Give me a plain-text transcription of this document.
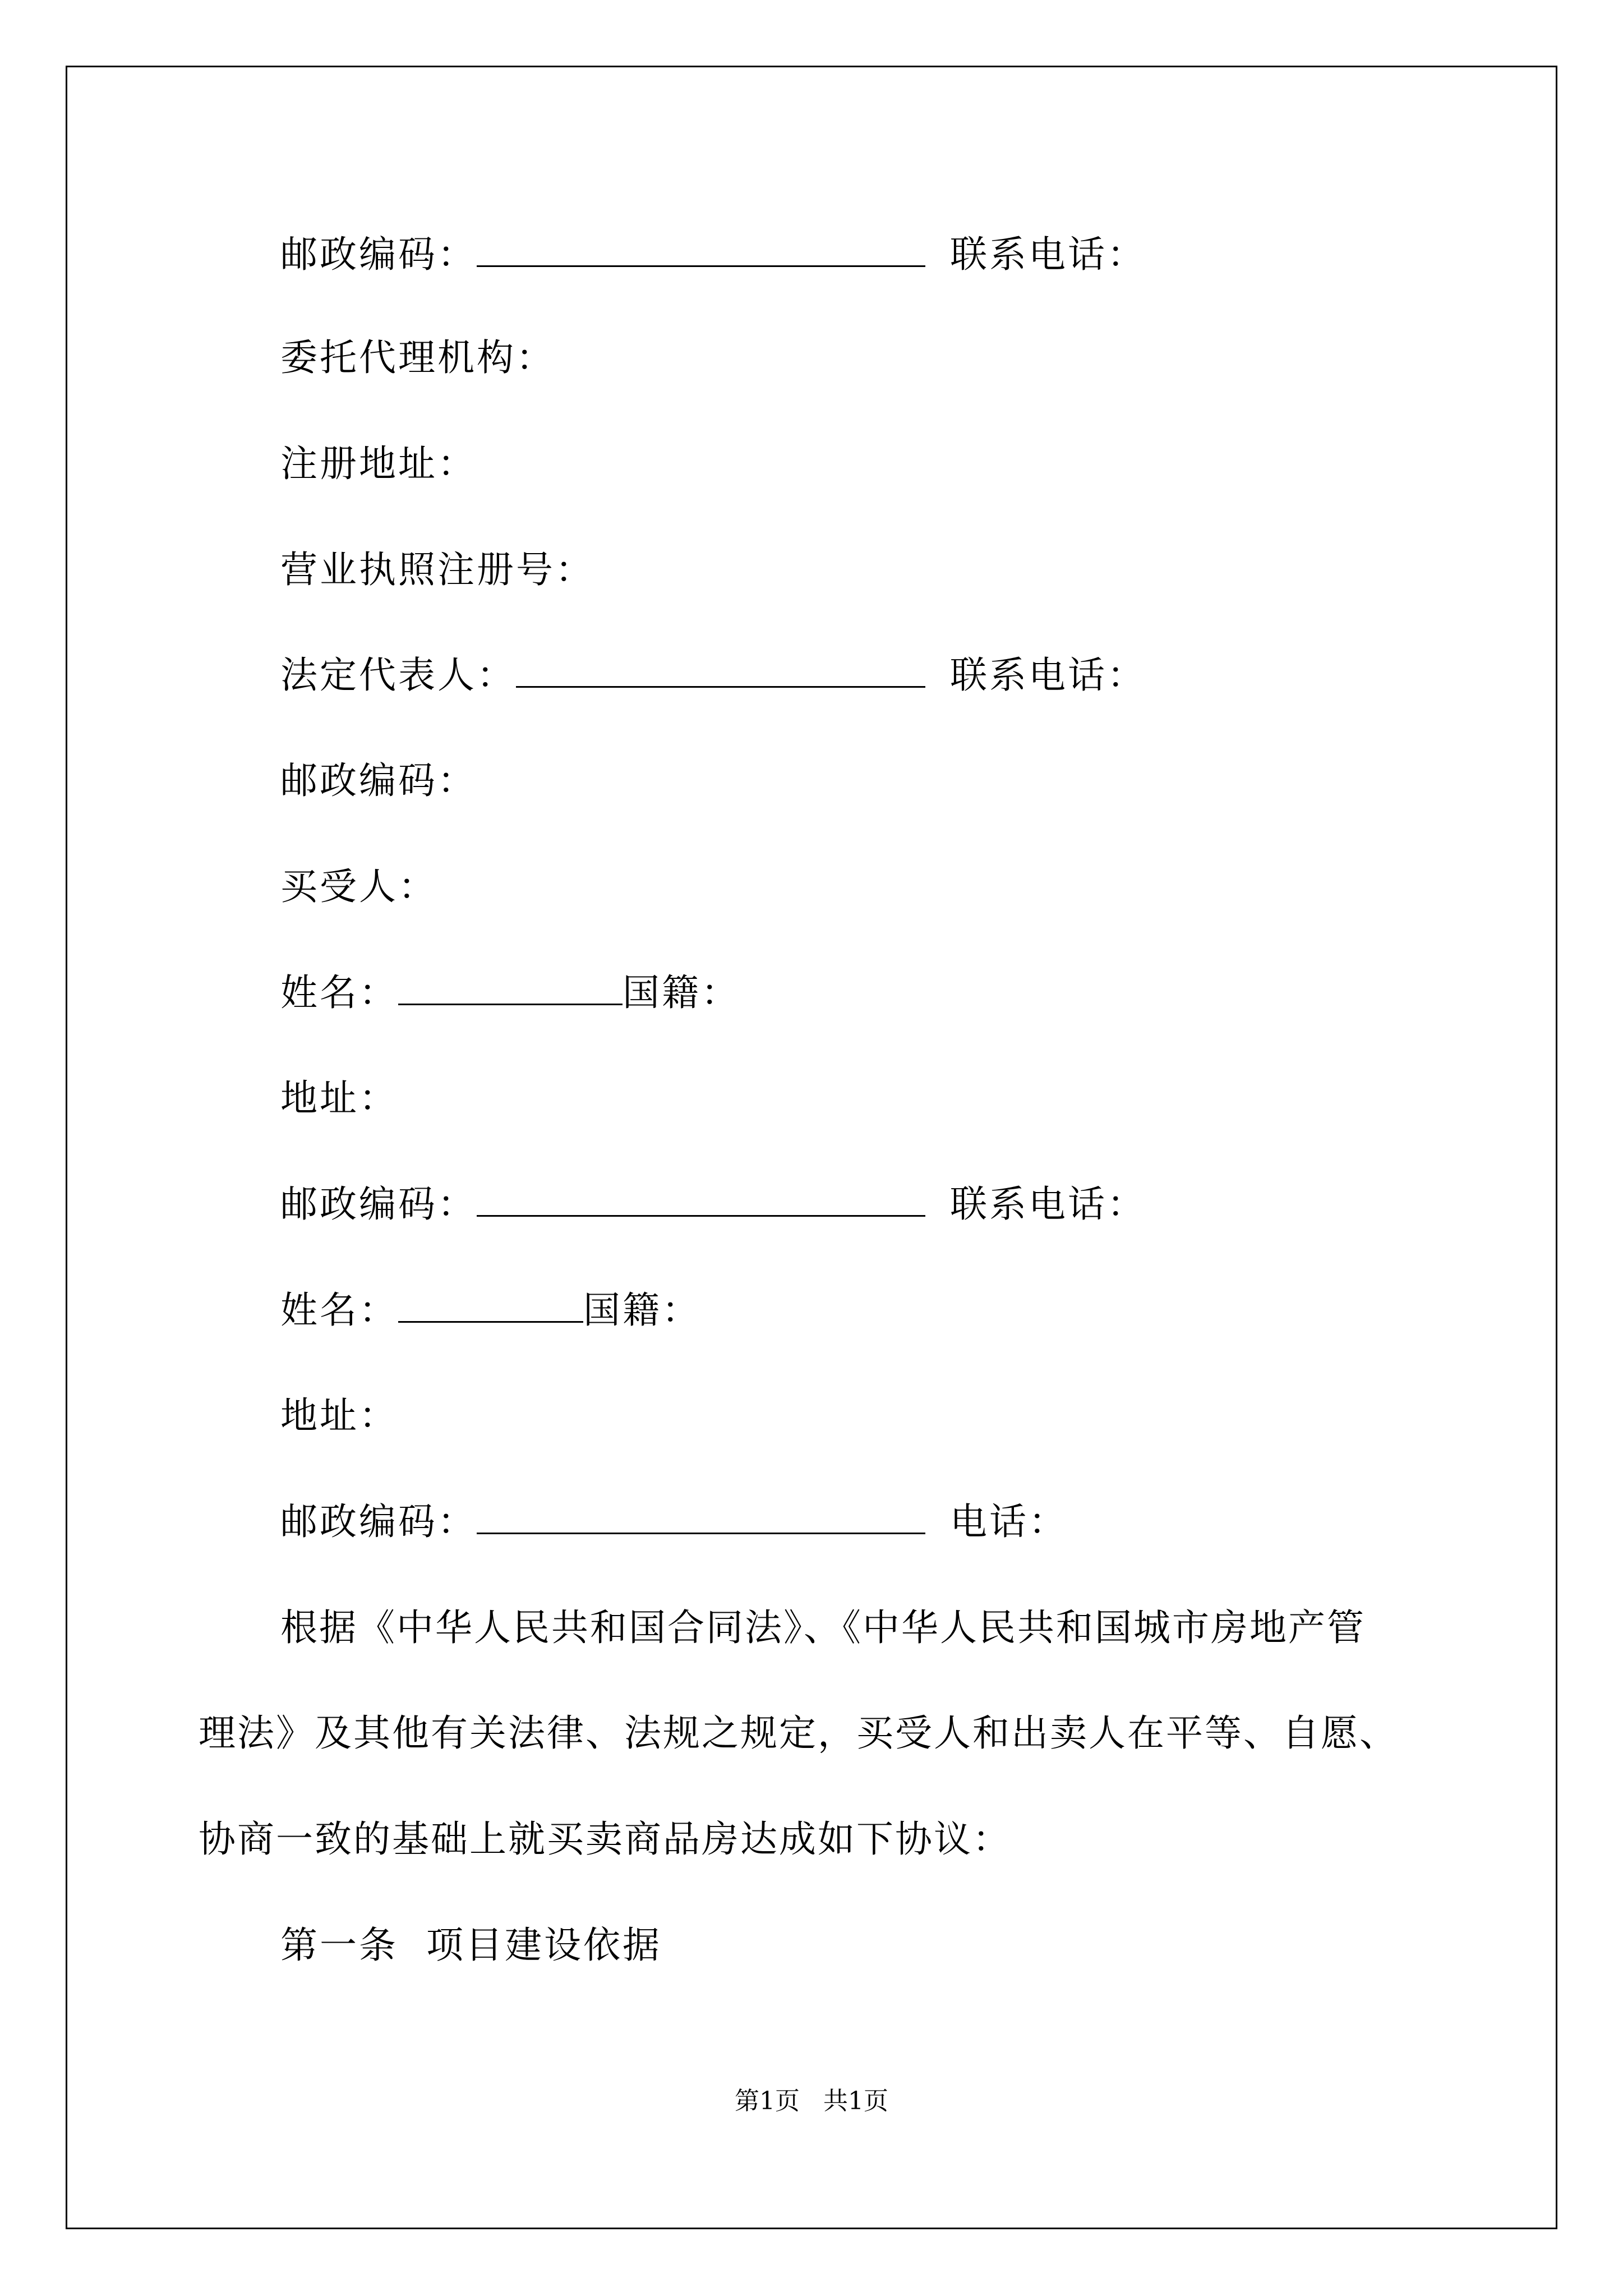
邮政编码：	联系电话：
委托代理机构：
注册地址：
营业执照注册号：
法定代表人：	联系电话：
邮政编码：
买受人：
姓名：	国籍：
地址：
邮政编码：	联系电话：
姓名：	国籍：
地址：
邮政编码：	电话：
根据《中华人民共和国合同法》、《中华人民共和国城市房地产管
理法》及其他有关法律、法规之规定，买受人和出卖人在平等、自愿、
协商一致的基础上就买卖商品房达成如下协议：
第一条  项目建设依据
第1页   共1页
